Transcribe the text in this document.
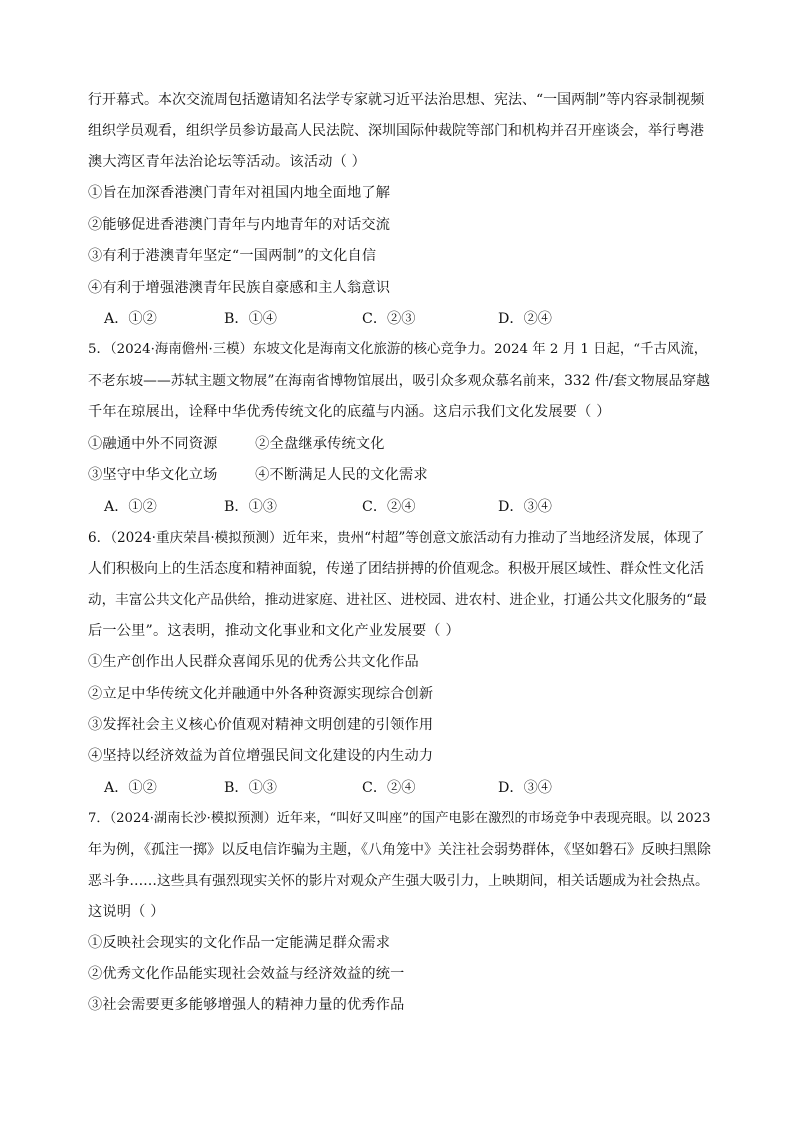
行开幕式。本次交流周包括邀请知名法学专家就习近平法治思想、宪法、“一国两制”等内容录制视频
组织学员观看，组织学员参访最高人民法院、深圳国际仲裁院等部门和机构并召开座谈会，举行粤港
澳大湾区青年法治论坛等活动。该活动（ ）
①旨在加深香港澳门青年对祖国内地全面地了解
②能够促进香港澳门青年与内地青年的对话交流
③有利于港澳青年坚定“一国两制”的文化自信
④有利于增强港澳青年民族自豪感和主人翁意识
A．①②	B．①④	C．②③	D．②④
5．（2024·海南儋州·三模）东坡文化是海南文化旅游的核心竞争力。2024 年 2 月 1 日起，“千古风流，
不老东坡——苏轼主题文物展”在海南省博物馆展出，吸引众多观众慕名前来，332 件/套文物展品穿越
千年在琼展出，诠释中华优秀传统文化的底蕴与内涵。这启示我们文化发展要（ ）
①融通中外不同资源        ②全盘继承传统文化
③坚守中华文化立场        ④不断满足人民的文化需求
A．①②	B．①③	C．②④	D．③④
6．（2024·重庆荣昌·模拟预测）近年来，贵州“村超”等创意文旅活动有力推动了当地经济发展，体现了
人们积极向上的生活态度和精神面貌，传递了团结拼搏的价值观念。积极开展区域性、群众性文化活
动，丰富公共文化产品供给，推动进家庭、进社区、进校园、进农村、进企业，打通公共文化服务的“最
后一公里”。这表明，推动文化事业和文化产业发展要（ ）
①生产创作出人民群众喜闻乐见的优秀公共文化作品
②立足中华传统文化并融通中外各种资源实现综合创新
③发挥社会主义核心价值观对精神文明创建的引领作用
④坚持以经济效益为首位增强民间文化建设的内生动力
A．①②	B．①③	C．②④	D．③④
7．（2024·湖南长沙·模拟预测）近年来，“叫好又叫座”的国产电影在激烈的市场竞争中表现亮眼。以 2023
年为例，《孤注一掷》以反电信诈骗为主题，《八角笼中》关注社会弱势群体，《坚如磐石》反映扫黑除
恶斗争……这些具有强烈现实关怀的影片对观众产生强大吸引力，上映期间，相关话题成为社会热点。
这说明（ ）
①反映社会现实的文化作品一定能满足群众需求
②优秀文化作品能实现社会效益与经济效益的统一
③社会需要更多能够增强人的精神力量的优秀作品
